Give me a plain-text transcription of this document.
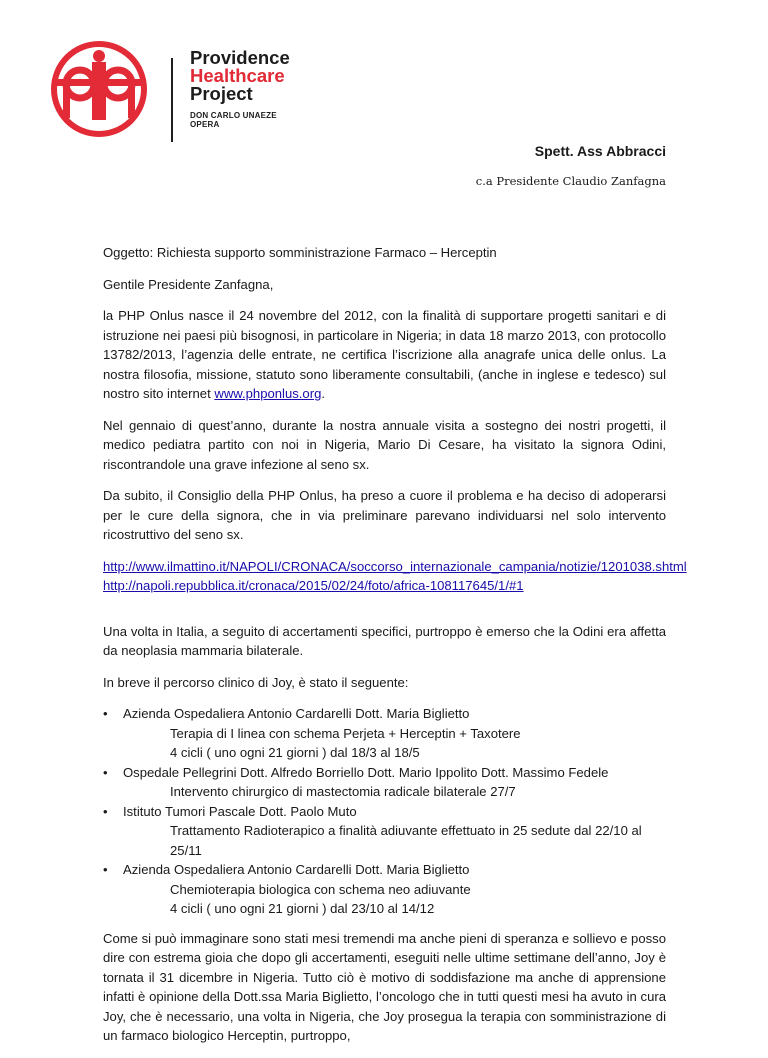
Providence
Healthcare
Project
DON CARLO UNAEZE
OPERA
Spett. Ass Abbracci
c.a Presidente Claudio Zanfagna

Oggetto: Richiesta supporto somministrazione Farmaco – Herceptin

Gentile Presidente Zanfagna,

la PHP Onlus nasce il 24 novembre del 2012, con la finalità di supportare progetti sanitari e di istruzione nei paesi più bisognosi, in particolare in Nigeria; in data 18 marzo 2013, con protocollo 13782/2013, l’agenzia delle entrate, ne certifica l’iscrizione alla anagrafe unica delle onlus. La nostra filosofia, missione, statuto sono liberamente consultabili, (anche in inglese e tedesco) sul nostro sito internet www.phponlus.org.

Nel gennaio di quest’anno, durante la nostra annuale visita a sostegno dei nostri progetti, il medico pediatra partito con noi in Nigeria, Mario Di Cesare, ha visitato la signora Odini, riscontrandole una grave infezione al seno sx.

Da subito, il Consiglio della PHP Onlus, ha preso a cuore il problema e ha deciso di adoperarsi per le cure della signora, che in via preliminare parevano individuarsi nel solo intervento ricostruttivo del seno sx.

http://www.ilmattino.it/NAPOLI/CRONACA/soccorso_internazionale_campania/notizie/1201038.shtml
http://napoli.repubblica.it/cronaca/2015/02/24/foto/africa-108117645/1/#1

Una volta in Italia, a seguito di accertamenti specifici, purtroppo è emerso che la Odini era affetta da neoplasia mammaria bilaterale.

In breve il percorso clinico di Joy, è stato il seguente:

• Azienda Ospedaliera Antonio Cardarelli Dott. Maria Biglietto
Terapia di I linea con schema Perjeta + Herceptin + Taxotere
4 cicli ( uno ogni 21 giorni ) dal 18/3 al 18/5
• Ospedale Pellegrini Dott. Alfredo Borriello Dott. Mario Ippolito Dott. Massimo Fedele
Intervento chirurgico di mastectomia radicale bilaterale 27/7
• Istituto Tumori Pascale Dott. Paolo Muto
Trattamento Radioterapico a finalità adiuvante effettuato in 25 sedute dal 22/10 al 25/11
• Azienda Ospedaliera Antonio Cardarelli Dott. Maria Biglietto
Chemioterapia biologica con schema neo adiuvante
4 cicli ( uno ogni 21 giorni ) dal 23/10 al 14/12

Come si può immaginare sono stati mesi tremendi ma anche pieni di speranza e sollievo e posso dire con estrema gioia che dopo gli accertamenti, eseguiti nelle ultime settimane dell’anno, Joy è tornata il 31 dicembre in Nigeria. Tutto ciò è motivo di soddisfazione ma anche di apprensione infatti è opinione della Dott.ssa Maria Biglietto, l’oncologo che in tutti questi mesi ha avuto in cura Joy, che è necessario, una volta in Nigeria, che Joy prosegua la terapia con somministrazione di un farmaco biologico Herceptin, purtroppo,
